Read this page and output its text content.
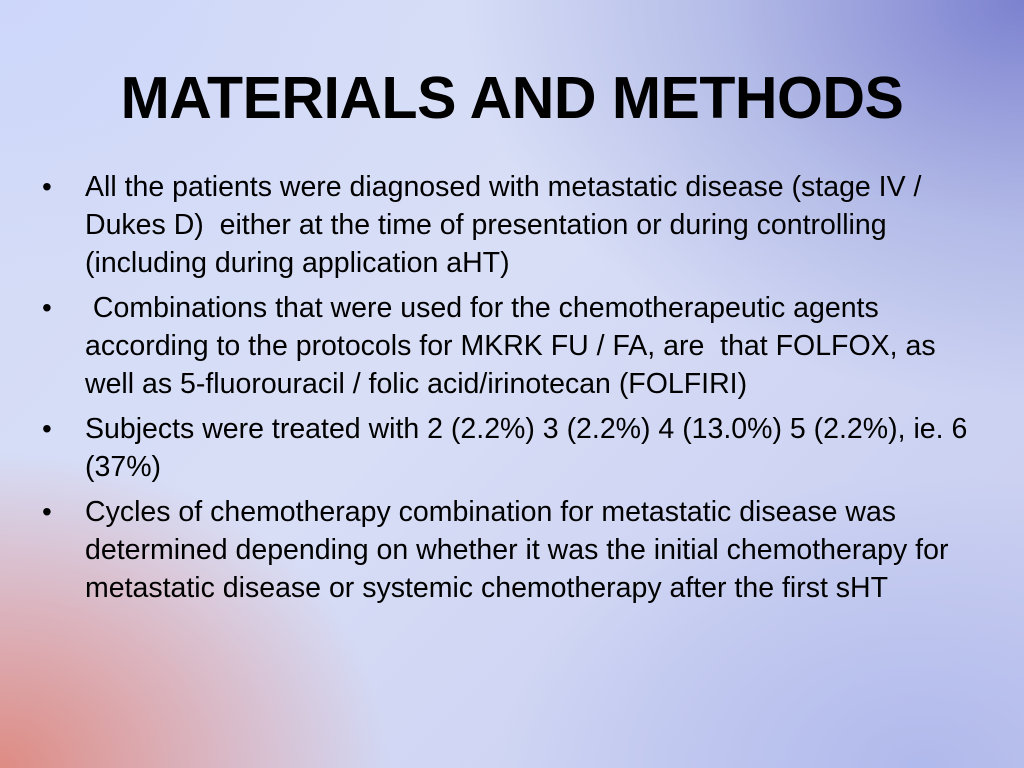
MATERIALS AND METHODS
•	All the patients were diagnosed with metastatic disease (stage IV / Dukes D)  either at the time of presentation or during controlling (including during application aHT)
•	Combinations that were used for the chemotherapeutic agents according to the protocols for MKRK FU / FA, are  that FOLFOX, as well as 5-fluorouracil / folic acid/irinotecan (FOLFIRI)
•	Subjects were treated with 2 (2.2%) 3 (2.2%) 4 (13.0%) 5 (2.2%), ie. 6 (37%)
•	Cycles of chemotherapy combination for metastatic disease was determined depending on whether it was the initial chemotherapy for metastatic disease or systemic chemotherapy after the first sHT
